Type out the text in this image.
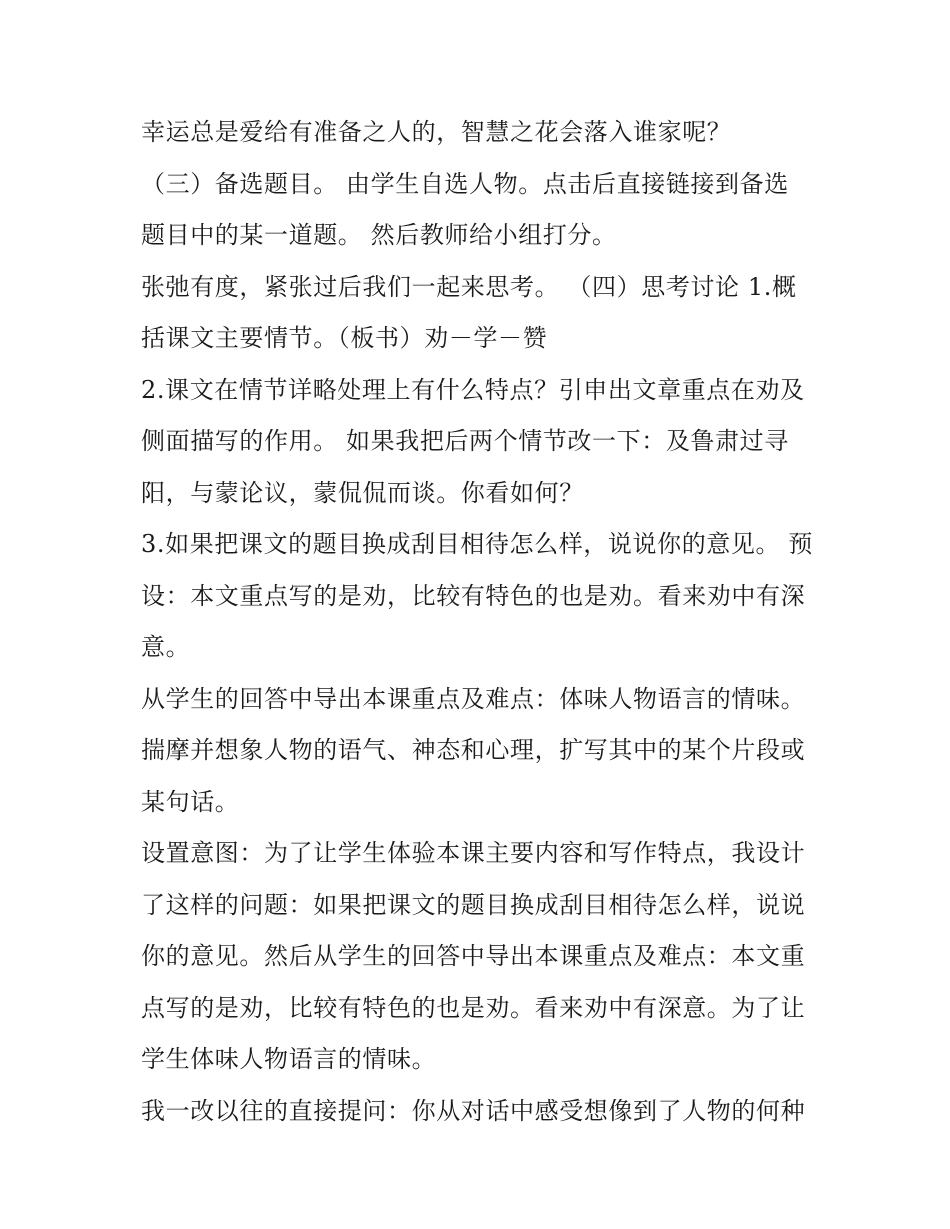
幸运总是爱给有准备之人的，智慧之花会落入谁家呢？
（三）备选题目。 由学生自选人物。点击后直接链接到备选
题目中的某一道题。 然后教师给小组打分。
张弛有度，紧张过后我们一起来思考。 （四）思考讨论 1.概
括课文主要情节。（板书）劝－学－赞
2.课文在情节详略处理上有什么特点？引申出文章重点在劝及
侧面描写的作用。 如果我把后两个情节改一下：及鲁肃过寻
阳，与蒙论议，蒙侃侃而谈。你看如何？
3.如果把课文的题目换成刮目相待怎么样，说说你的意见。 预
设：本文重点写的是劝，比较有特色的也是劝。看来劝中有深
意。
从学生的回答中导出本课重点及难点：体味人物语言的情味。
揣摩并想象人物的语气、神态和心理，扩写其中的某个片段或
某句话。
设置意图：为了让学生体验本课主要内容和写作特点，我设计
了这样的问题：如果把课文的题目换成刮目相待怎么样，说说
你的意见。然后从学生的回答中导出本课重点及难点：本文重
点写的是劝，比较有特色的也是劝。看来劝中有深意。为了让
学生体味人物语言的情味。
我一改以往的直接提问：你从对话中感受想像到了人物的何种
